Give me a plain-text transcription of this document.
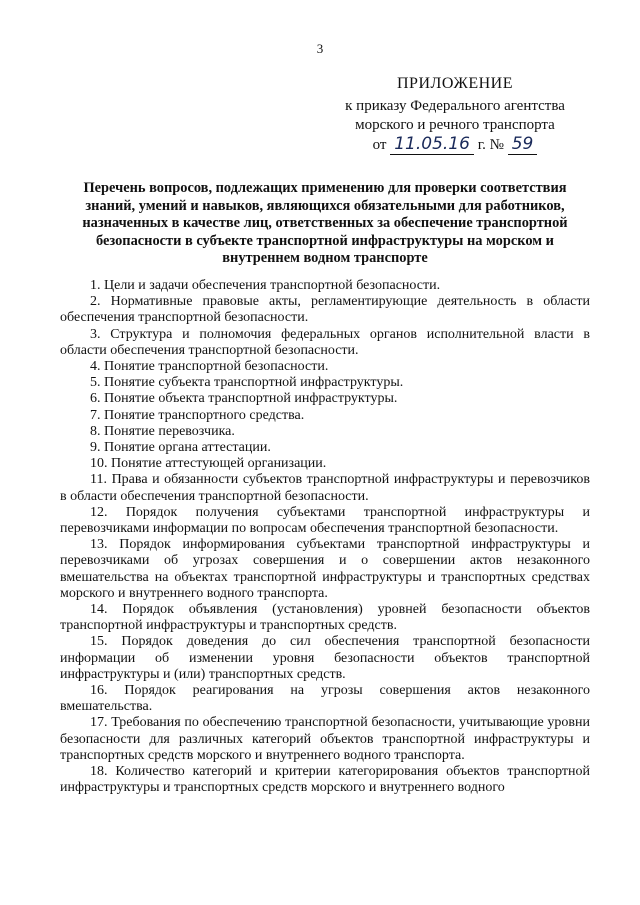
3
ПРИЛОЖЕНИЕ
к приказу Федерального агентства
морского и речного транспорта
от 11.05.16 г. № 59
Перечень вопросов, подлежащих применению для проверки соответствия знаний, умений и навыков, являющихся обязательными для работников, назначенных в качестве лиц, ответственных за обеспечение транспортной безопасности в субъекте транспортной инфраструктуры на морском и внутреннем водном транспорте

1. Цели и задачи обеспечения транспортной безопасности.

2. Нормативные правовые акты, регламентирующие деятельность в области обеспечения транспортной безопасности.

3. Структура и полномочия федеральных органов исполнительной власти в области обеспечения транспортной безопасности.

4. Понятие транспортной безопасности.

5. Понятие субъекта транспортной инфраструктуры.

6. Понятие объекта транспортной инфраструктуры.

7. Понятие транспортного средства.

8. Понятие перевозчика.

9. Понятие органа аттестации.

10. Понятие аттестующей организации.

11. Права и обязанности субъектов транспортной инфраструктуры и перевозчиков в области обеспечения транспортной безопасности.

12. Порядок получения субъектами транспортной инфраструктуры и перевозчиками информации по вопросам обеспечения транспортной безопасности.

13. Порядок информирования субъектами транспортной инфраструктуры и перевозчиками об угрозах совершения и о совершении актов незаконного вмешательства на объектах транспортной инфраструктуры и транспортных средствах морского и внутреннего водного транспорта.

14. Порядок объявления (установления) уровней безопасности объектов транспортной инфраструктуры и транспортных средств.

15. Порядок доведения до сил обеспечения транспортной безопасности информации об изменении уровня безопасности объектов транспортной инфраструктуры и (или) транспортных средств.

16. Порядок реагирования на угрозы совершения актов незаконного вмешательства.

17. Требования по обеспечению транспортной безопасности, учитывающие уровни безопасности для различных категорий объектов транспортной инфраструктуры и транспортных средств морского и внутреннего водного транспорта.

18. Количество категорий и критерии категорирования объектов транспортной инфраструктуры и транспортных средств морского и внутреннего водного
